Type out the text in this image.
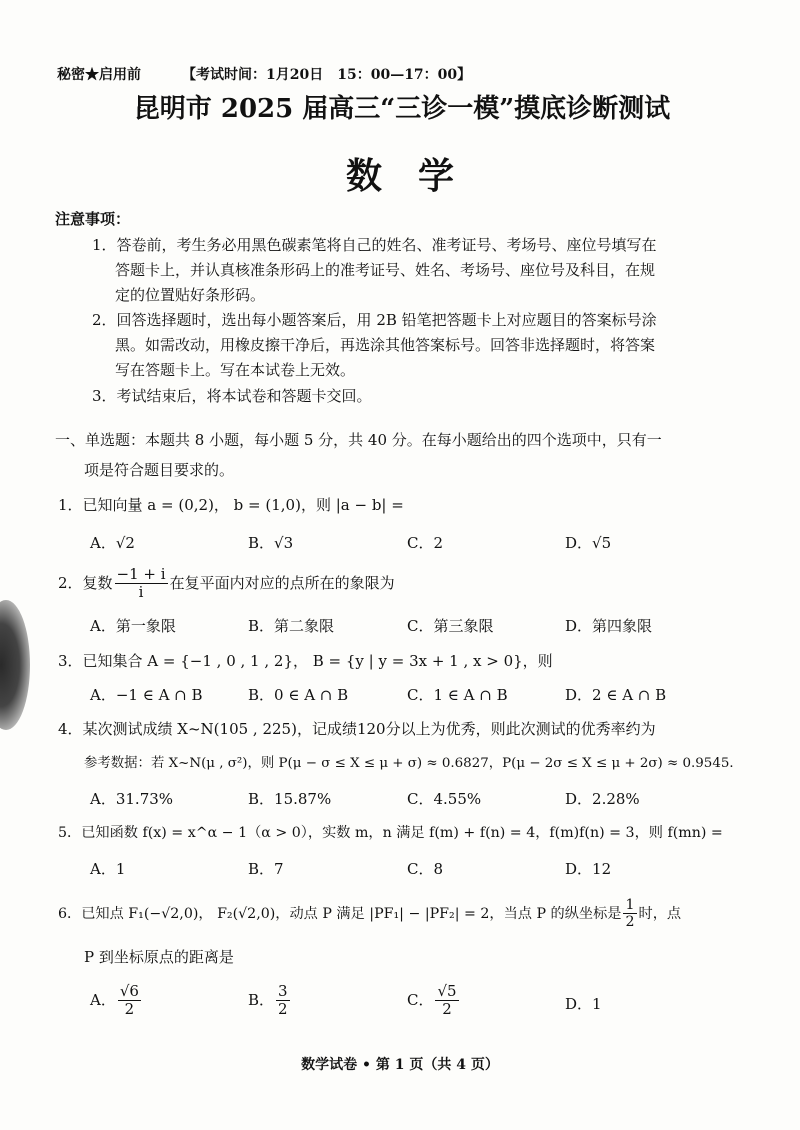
秘密★启用前	【考试时间：1月20日　15：00—17：00】
昆明市 2025 届高三“三诊一模”摸底诊断测试
数　学
注意事项：
1．答卷前，考生务必用黑色碳素笔将自己的姓名、准考证号、考场号、座位号填写在
答题卡上，并认真核准条形码上的准考证号、姓名、考场号、座位号及科目，在规
定的位置贴好条形码。
2．回答选择题时，选出每小题答案后，用 2B 铅笔把答题卡上对应题目的答案标号涂
黑。如需改动，用橡皮擦干净后，再选涂其他答案标号。回答非选择题时，将答案
写在答题卡上。写在本试卷上无效。
3．考试结束后，将本试卷和答题卡交回。
一、单选题：本题共 8 小题，每小题 5 分，共 40 分。在每小题给出的四个选项中，只有一
项是符合题目要求的。
1．已知向量 a = (0,2)， b = (1,0)，则 |a − b| =
A．√2	B．√3	C．2	D．√5
2．复数 $\frac{-1 + i}{i}$ 在复平面内对应的点所在的象限为
A．第一象限	B．第二象限	C．第三象限	D．第四象限
3．已知集合 A = {−1 , 0 , 1 , 2}， B = {y | y = 3x + 1 , x > 0}，则
A．−1 ∈ A ∩ B	B．0 ∈ A ∩ B	C．1 ∈ A ∩ B	D．2 ∈ A ∩ B
4．某次测试成绩 X~N(105 , 225)，记成绩120分以上为优秀，则此次测试的优秀率约为
参考数据：若 X~N(μ , σ²)，则 P(μ − σ ≤ X ≤ μ + σ) ≈ 0.6827，P(μ − 2σ ≤ X ≤ μ + 2σ) ≈ 0.9545．
A．31.73%	B．15.87%	C．4.55%	D．2.28%
5．已知函数 f(x) = x^α − 1（α > 0），实数 m，n 满足 f(m) + f(n) = 4，f(m)f(n) = 3，则 f(mn) =
A．1	B．7	C．8	D．12
6．已知点 F₁(−√2,0)， F₂(√2,0)，动点 P 满足 |PF₁| − |PF₂| = 2，当点 P 的纵坐标是 $\frac{1}{2}$ 时，点
P 到坐标原点的距离是
A． $\frac{√6}{2}$	B． $\frac{3}{2}$	C． $\frac{√5}{2}$	D．1
数学试卷 • 第 1 页（共 4 页）
